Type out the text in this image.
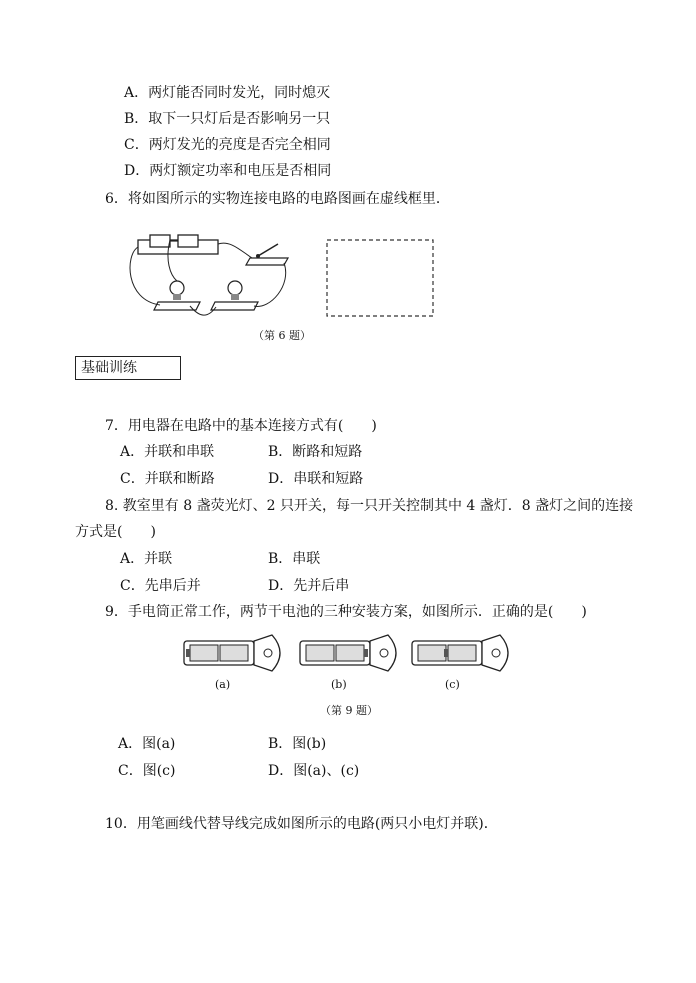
A．两灯能否同时发光，同时熄灭
B．取下一只灯后是否影响另一只
C．两灯发光的亮度是否完全相同
D．两灯额定功率和电压是否相同
6．将如图所示的实物连接电路的电路图画在虚线框里．
（第 6 题）
基础训练
7．用电器在电路中的基本连接方式有(　　)
A．并联和串联	B．断路和短路
C．并联和断路	D．串联和短路
8. 教室里有 8 盏荧光灯、2 只开关，每一只开关控制其中 4 盏灯．8 盏灯之间的连接
方式是(　　)
A．并联	B．串联
C．先串后并	D．先并后串
9．手电筒正常工作，两节干电池的三种安装方案，如图所示．正确的是(　　)
(a)	(b)	(c)
（第 9 题）
A．图(a)	B．图(b)
C．图(c)	D．图(a)、(c)
10．用笔画线代替导线完成如图所示的电路(两只小电灯并联)．
